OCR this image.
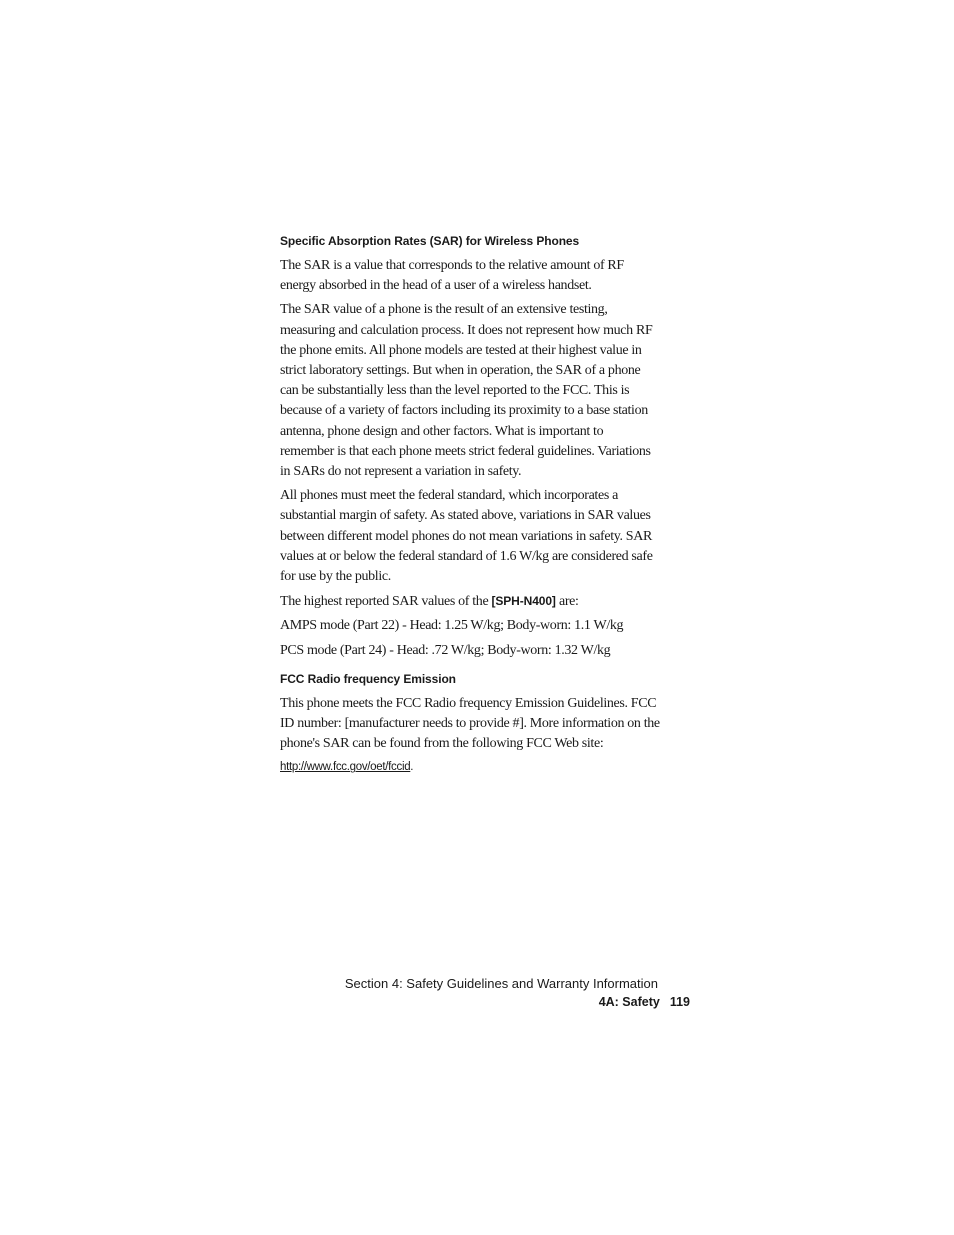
Specific Absorption Rates (SAR) for Wireless Phones

The SAR is a value that corresponds to the relative amount of RF energy absorbed in the head of a user of a wireless handset.

The SAR value of a phone is the result of an extensive testing, measuring and calculation process. It does not represent how much RF the phone emits. All phone models are tested at their highest value in strict laboratory settings. But when in operation, the SAR of a phone can be substantially less than the level reported to the FCC. This is because of a variety of factors including its proximity to a base station antenna, phone design and other factors. What is important to remember is that each phone meets strict federal guidelines. Variations in SARs do not represent a variation in safety.

All phones must meet the federal standard, which incorporates a substantial margin of safety. As stated above, variations in SAR values between different model phones do not mean variations in safety. SAR values at or below the federal standard of 1.6 W/kg are considered safe for use by the public.

The highest reported SAR values of the [SPH-N400] are:

AMPS mode (Part 22) - Head: 1.25 W/kg; Body-worn: 1.1 W/kg

PCS mode (Part 24) - Head: .72 W/kg; Body-worn: 1.32 W/kg

FCC Radio frequency Emission

This phone meets the FCC Radio frequency Emission Guidelines. FCC ID number: [manufacturer needs to provide #]. More information on the phone's SAR can be found from the following FCC Web site:

http://www.fcc.gov/oet/fccid.

Section 4: Safety Guidelines and Warranty Information
4A: Safety 119
